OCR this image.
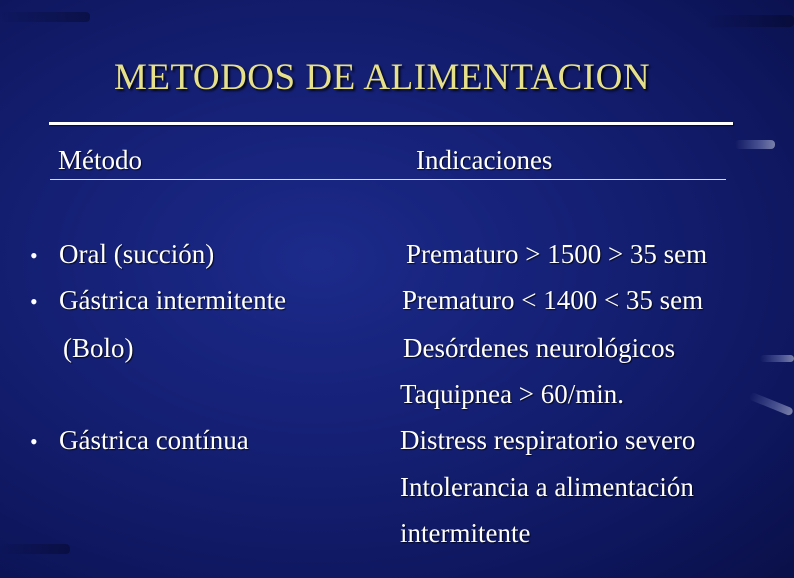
METODOS DE ALIMENTACION
Método	Indicaciones
• Oral (succión)
• Gástrica intermitente
(Bolo)
• Gástrica contínua
Prematuro > 1500 > 35 sem
Prematuro < 1400 < 35 sem
Desórdenes neurológicos
Taquipnea > 60/min.
Distress respiratorio severo
Intolerancia a alimentación
intermitente
